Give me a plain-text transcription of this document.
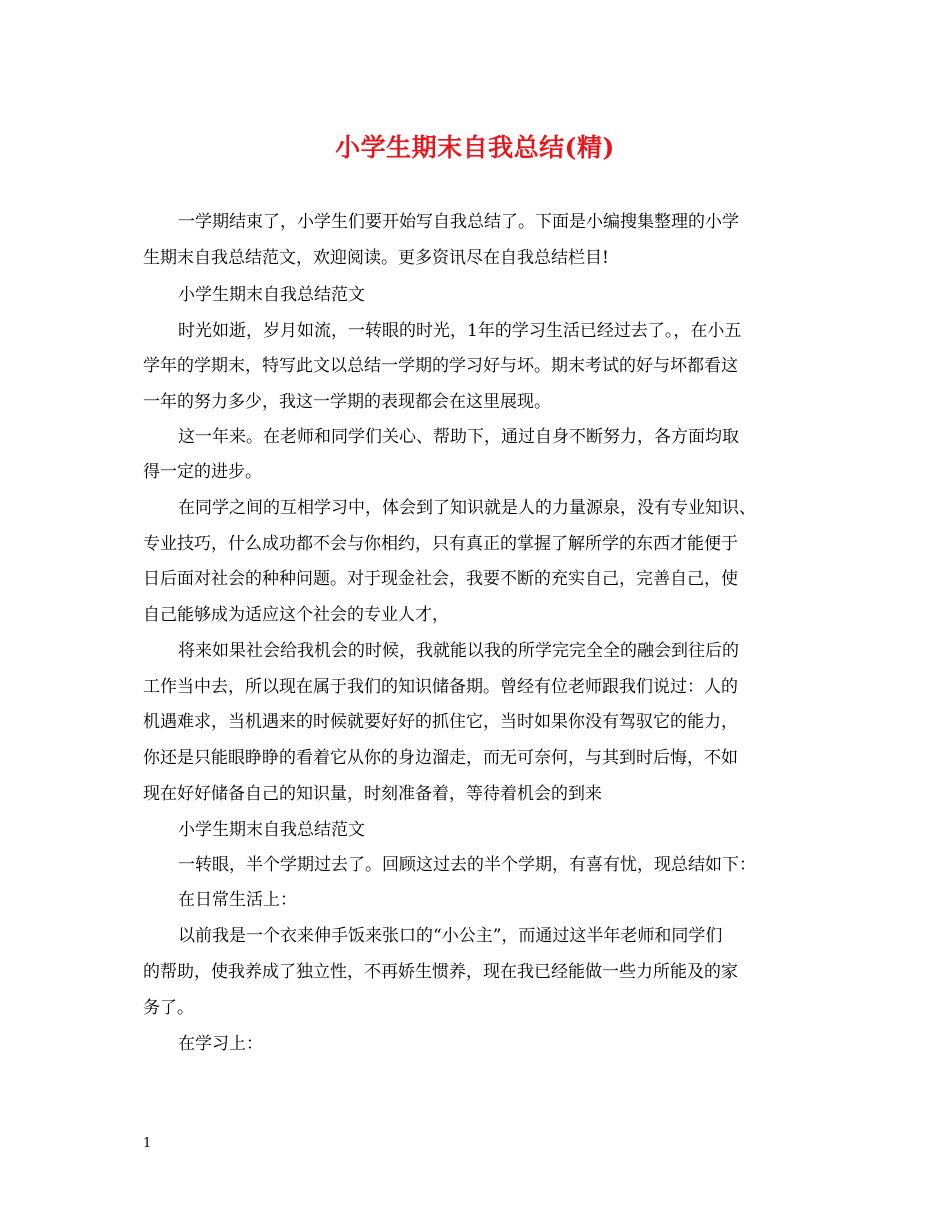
小学生期末自我总结(精)
一学期结束了，小学生们要开始写自我总结了。下面是小编搜集整理的小学
生期末自我总结范文，欢迎阅读。更多资讯尽在自我总结栏目!
小学生期末自我总结范文
时光如逝，岁月如流，一转眼的时光，1年的学习生活已经过去了。，在小五
学年的学期末，特写此文以总结一学期的学习好与坏。期末考试的好与坏都看这
一年的努力多少，我这一学期的表现都会在这里展现。
这一年来。在老师和同学们关心、帮助下，通过自身不断努力，各方面均取
得一定的进步。
在同学之间的互相学习中，体会到了知识就是人的力量源泉，没有专业知识、
专业技巧，什么成功都不会与你相约，只有真正的掌握了解所学的东西才能便于
日后面对社会的种种问题。对于现金社会，我要不断的充实自己，完善自己，使
自己能够成为适应这个社会的专业人才，
将来如果社会给我机会的时候，我就能以我的所学完完全全的融会到往后的
工作当中去，所以现在属于我们的知识储备期。曾经有位老师跟我们说过：人的
机遇难求，当机遇来的时候就要好好的抓住它，当时如果你没有驾驭它的能力，
你还是只能眼睁睁的看着它从你的身边溜走，而无可奈何，与其到时后悔，不如
现在好好储备自己的知识量，时刻准备着，等待着机会的到来
小学生期末自我总结范文
一转眼，半个学期过去了。回顾这过去的半个学期，有喜有忧，现总结如下：
在日常生活上：
以前我是一个衣来伸手饭来张口的“小公主”，而通过这半年老师和同学们
的帮助，使我养成了独立性，不再娇生惯养，现在我已经能做一些力所能及的家
务了。
在学习上：
1
